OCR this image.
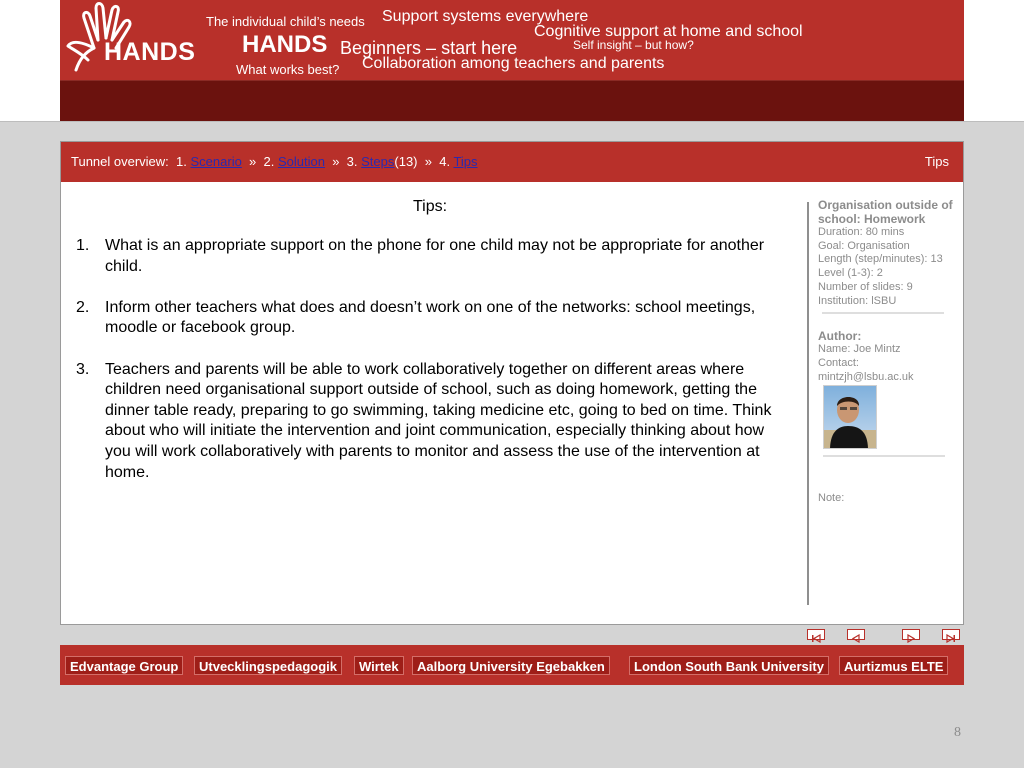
HANDS
The individual child’s needs Support systems everywhere
Cognitive support at home and school
Self insight – but how?
HANDS Beginners – start here
Collaboration among teachers and parents
What works best?
Tunnel overview: 1. Scenario » 2. Solution » 3. Steps(13) » 4. Tips	Tips
Tips:
1. What is an appropriate support on the phone for one child may not be appropriate for another child.
2. Inform other teachers what does and doesn’t work on one of the networks: school meetings, moodle or facebook group.
3. Teachers and parents will be able to work collaboratively together on different areas where children need organisational support outside of school, such as doing homework, getting the dinner table ready, preparing to go swimming, taking medicine etc, going to bed on time. Think about who will initiate the intervention and joint communication, especially thinking about how you will work collaboratively with parents to monitor and assess the use of the intervention at home.
Organisation outside of school: Homework
Duration: 80 mins
Goal: Organisation
Length (step/minutes): 13
Level (1-3): 2
Number of slides: 9
Institution: lSBU
Author:
Name: Joe Mintz
Contact:
mintzjh@lsbu.ac.uk
Note:
Edvantage Group	Utvecklingspedagogik	Wirtek	Aalborg University Egebakken	London South Bank University	Aurtizmus ELTE
8
